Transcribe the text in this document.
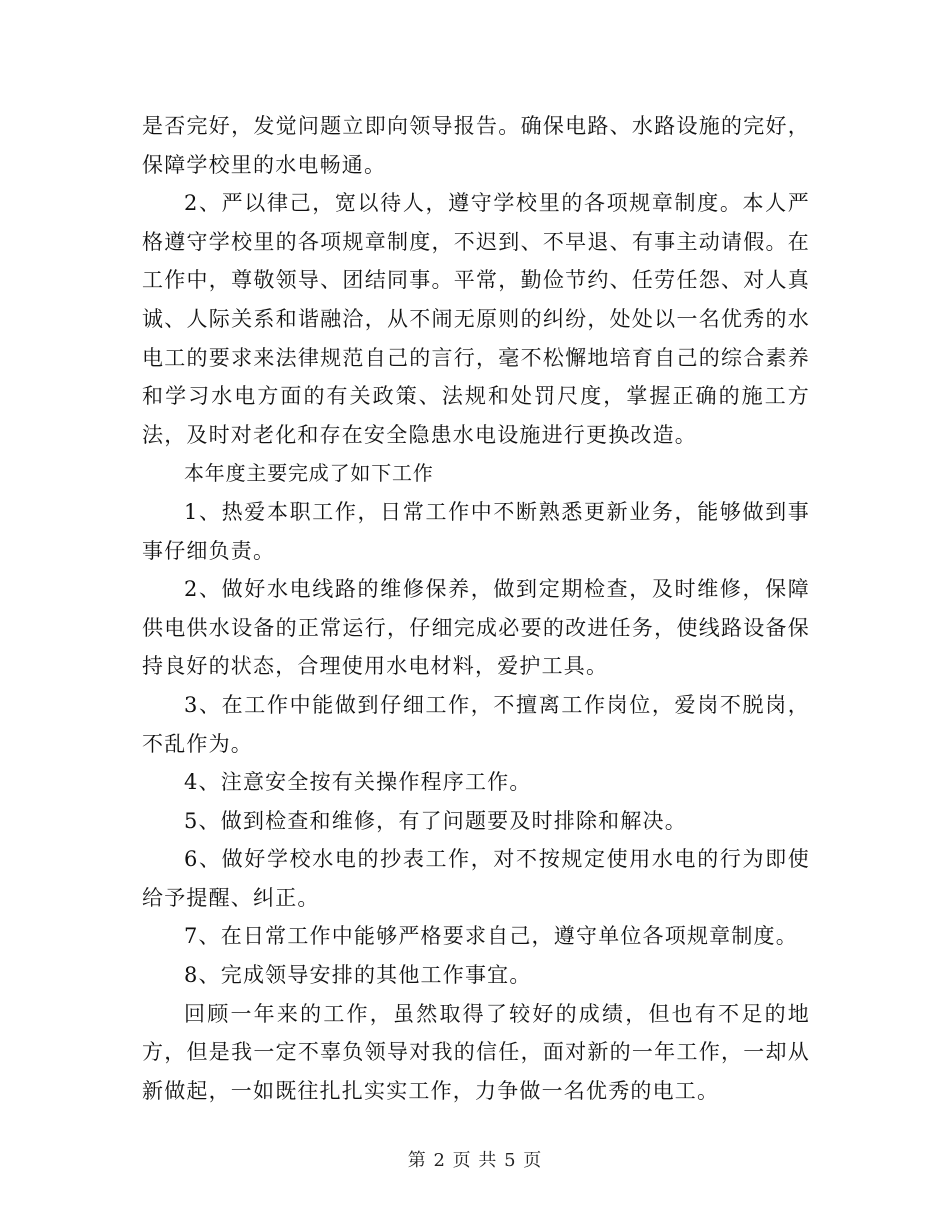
是否完好，发觉问题立即向领导报告。确保电路、水路设施的完好，保障学校里的水电畅通。

2、严以律己，宽以待人，遵守学校里的各项规章制度。本人严格遵守学校里的各项规章制度，不迟到、不早退、有事主动请假。在工作中，尊敬领导、团结同事。平常，勤俭节约、任劳任怨、对人真诚、人际关系和谐融洽，从不闹无原则的纠纷，处处以一名优秀的水电工的要求来法律规范自己的言行，毫不松懈地培育自己的综合素养和学习水电方面的有关政策、法规和处罚尺度，掌握正确的施工方法，及时对老化和存在安全隐患水电设施进行更换改造。

本年度主要完成了如下工作

1、热爱本职工作，日常工作中不断熟悉更新业务，能够做到事事仔细负责。

2、做好水电线路的维修保养，做到定期检查，及时维修，保障供电供水设备的正常运行，仔细完成必要的改进任务，使线路设备保持良好的状态，合理使用水电材料，爱护工具。

3、在工作中能做到仔细工作，不擅离工作岗位，爱岗不脱岗，不乱作为。

4、注意安全按有关操作程序工作。

5、做到检查和维修，有了问题要及时排除和解决。

6、做好学校水电的抄表工作，对不按规定使用水电的行为即使给予提醒、纠正。

7、在日常工作中能够严格要求自己，遵守单位各项规章制度。

8、完成领导安排的其他工作事宜。

回顾一年来的工作，虽然取得了较好的成绩，但也有不足的地方，但是我一定不辜负领导对我的信任，面对新的一年工作，一却从新做起，一如既往扎扎实实工作，力争做一名优秀的电工。

第 2 页 共 5 页
